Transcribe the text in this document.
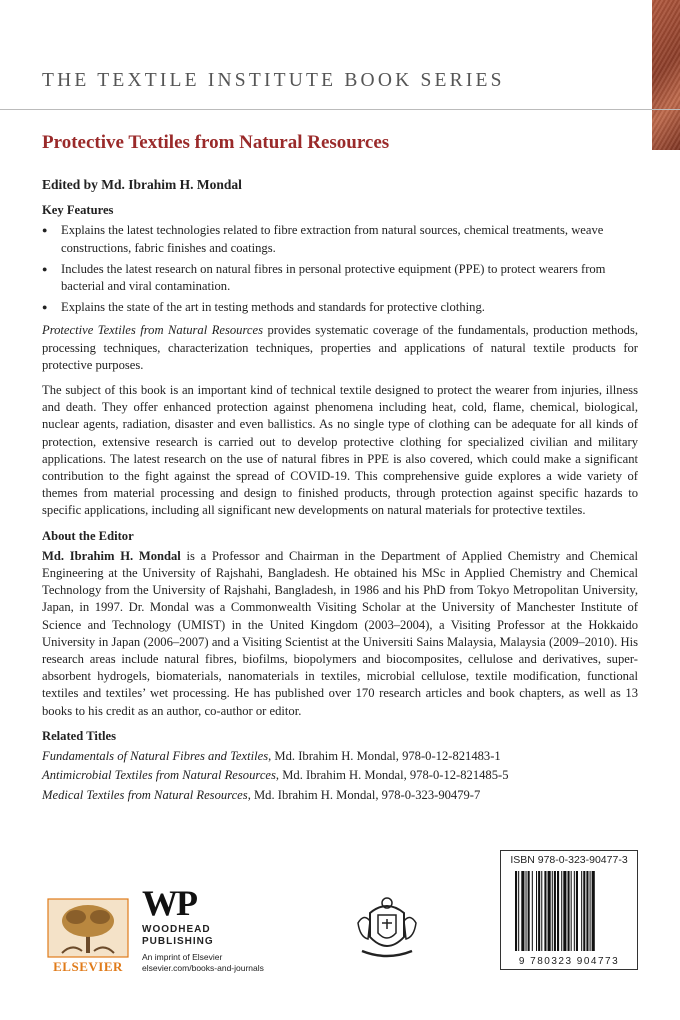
THE TEXTILE INSTITUTE BOOK SERIES
Protective Textiles from Natural Resources
Edited by Md. Ibrahim H. Mondal
Key Features
● Explains the latest technologies related to fibre extraction from natural sources, chemical treatments, weave constructions, fabric finishes and coatings.
● Includes the latest research on natural fibres in personal protective equipment (PPE) to protect wearers from bacterial and viral contamination.
● Explains the state of the art in testing methods and standards for protective clothing.

Protective Textiles from Natural Resources provides systematic coverage of the fundamentals, production methods, processing techniques, characterization techniques, properties and applications of natural textile products for protective purposes.

The subject of this book is an important kind of technical textile designed to protect the wearer from injuries, illness and death. They offer enhanced protection against phenomena including heat, cold, flame, chemical, biological, nuclear agents, radiation, disaster and even ballistics. As no single type of clothing can be adequate for all kinds of protection, extensive research is carried out to develop protective clothing for specialized civilian and military applications. The latest research on the use of natural fibres in PPE is also covered, which could make a significant contribution to the fight against the spread of COVID-19. This comprehensive guide explores a wide variety of themes from material processing and design to finished products, through protection against specific hazards to specific applications, including all significant new developments on natural materials for protective textiles.

About the Editor

Md. Ibrahim H. Mondal is a Professor and Chairman in the Department of Applied Chemistry and Chemical Engineering at the University of Rajshahi, Bangladesh. He obtained his MSc in Applied Chemistry and Chemical Technology from the University of Rajshahi, Bangladesh, in 1986 and his PhD from Tokyo Metropolitan University, Japan, in 1997. Dr. Mondal was a Commonwealth Visiting Scholar at the University of Manchester Institute of Science and Technology (UMIST) in the United Kingdom (2003–2004), a Visiting Professor at the Hokkaido University in Japan (2006–2007) and a Visiting Scientist at the Universiti Sains Malaysia, Malaysia (2009–2010). His research areas include natural fibres, biofilms, biopolymers and biocomposites, cellulose and derivatives, super-absorbent hydrogels, biomaterials, nanomaterials in textiles, microbial cellulose, textile modification, functional textiles and textiles’ wet processing. He has published over 170 research articles and book chapters, as well as 13 books to his credit as an author, co-author or editor.

Related Titles

Fundamentals of Natural Fibres and Textiles, Md. Ibrahim H. Mondal, 978-0-12-821483-1

Antimicrobial Textiles from Natural Resources, Md. Ibrahim H. Mondal, 978-0-12-821485-5

Medical Textiles from Natural Resources, Md. Ibrahim H. Mondal, 978-0-323-90479-7

ELSEVIER
WP
WOODHEAD
PUBLISHING
An imprint of Elsevier
elsevier.com/books-and-journals
ISBN 978-0-323-90477-3
9 780323 904773
